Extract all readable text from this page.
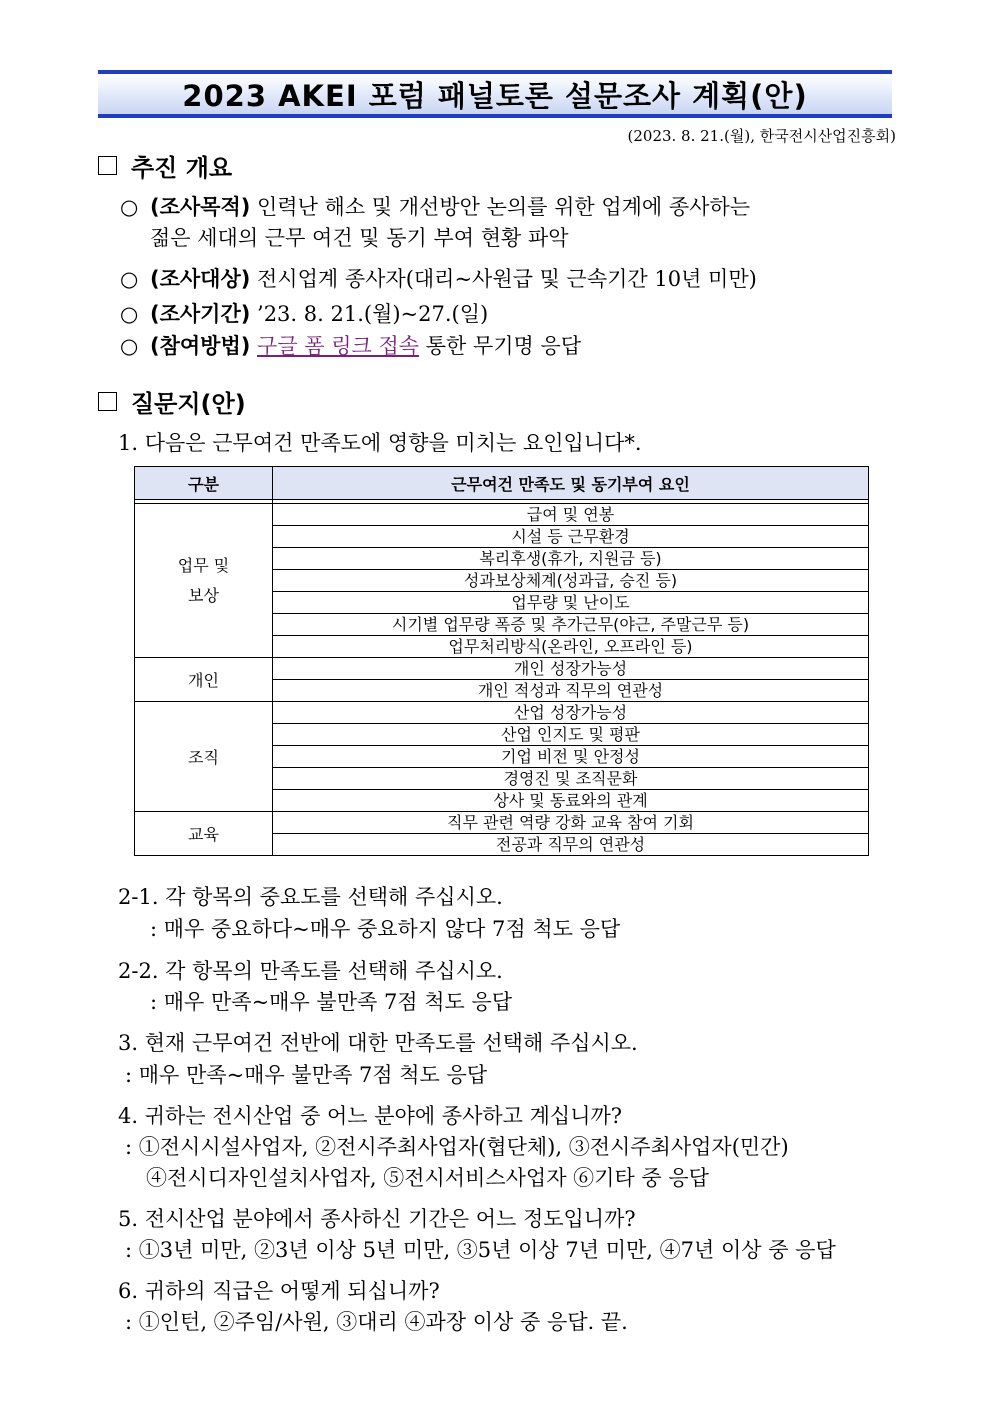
2023 AKEI 포럼 패널토론 설문조사 계획(안)
(2023. 8. 21.(월), 한국전시산업진흥회)
추진 개요
○ (조사목적) 인력난 해소 및 개선방안 논의를 위한 업계에 종사하는
젊은 세대의 근무 여건 및 동기 부여 현황 파악
○ (조사대상) 전시업계 종사자(대리~사원급 및 근속기간 10년 미만)
○ (조사기간) ’23. 8. 21.(월)~27.(일)
○ (참여방법) 구글 폼 링크 접속 통한 무기명 응답
질문지(안)
1. 다음은 근무여건 만족도에 영향을 미치는 요인입니다*.
구분	근무여건 만족도 및 동기부여 요인

업무 및
보상	급여 및 연봉
	시설 등 근무환경
	복리후생(휴가, 지원금 등)
	성과보상체계(성과급, 승진 등)
	업무량 및 난이도
	시기별 업무량 폭증 및 추가근무(야근, 주말근무 등)
	업무처리방식(온라인, 오프라인 등)
개인	개인 성장가능성
	개인 적성과 직무의 연관성
조직	산업 성장가능성
	산업 인지도 및 평판
	기업 비전 및 안정성
	경영진 및 조직문화
	상사 및 동료와의 관계
교육	직무 관련 역량 강화 교육 참여 기회
	전공과 직무의 연관성
2-1. 각 항목의 중요도를 선택해 주십시오.
: 매우 중요하다~매우 중요하지 않다 7점 척도 응답
2-2. 각 항목의 만족도를 선택해 주십시오.
: 매우 만족~매우 불만족 7점 척도 응답
3. 현재 근무여건 전반에 대한 만족도를 선택해 주십시오.
: 매우 만족~매우 불만족 7점 척도 응답
4. 귀하는 전시산업 중 어느 분야에 종사하고 계십니까?
: ①전시시설사업자, ②전시주최사업자(협단체), ③전시주최사업자(민간)
④전시디자인설치사업자, ⑤전시서비스사업자 ⑥기타 중 응답
5. 전시산업 분야에서 종사하신 기간은 어느 정도입니까?
: ①3년 미만, ②3년 이상 5년 미만, ③5년 이상 7년 미만, ④7년 이상 중 응답
6. 귀하의 직급은 어떻게 되십니까?
: ①인턴, ②주임/사원, ③대리 ④과장 이상 중 응답. 끝.
